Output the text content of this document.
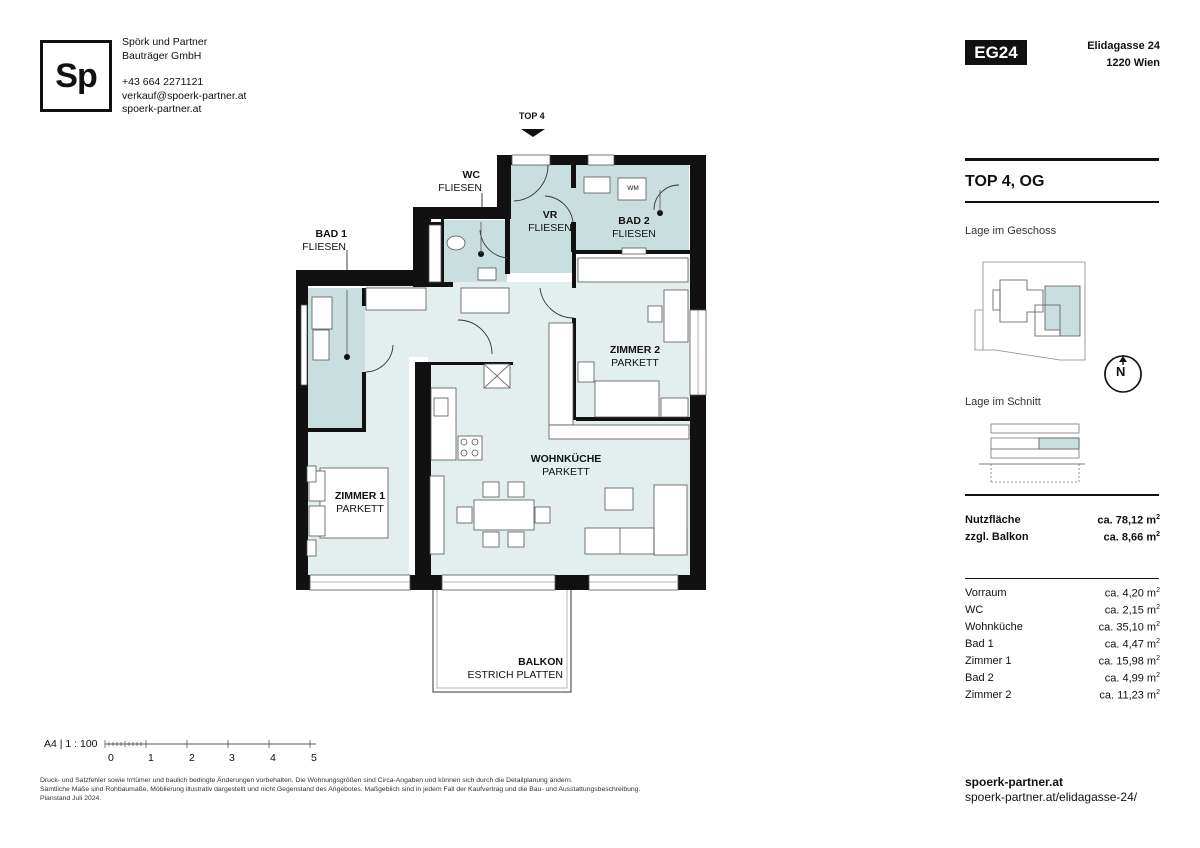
Sp
Spörk und Partner
Bauträger GmbH
+43 664 2271121
verkauf@spoerk-partner.at
spoerk-partner.at
EG24	Elidagasse 24
1220 Wien
TOP 4, OG
Lage im Geschoss
N
Lage im Schnitt
Nutzfläche	ca. 78,12 $m^2$
zzgl. Balkon	ca. 8,66 $m^2$
Vorraum	ca. 4,20 $m^2$
WC	ca. 2,15 $m^2$
Wohnküche	ca. 35,10 $m^2$
Bad 1	ca. 4,47 $m^2$
Zimmer 1	ca. 15,98 $m^2$
Bad 2	ca. 4,99 $m^2$
Zimmer 2	ca. 11,23 $m^2$
spoerk-partner.at
spoerk-partner.at/elidagasse-24/
A4 | 1 : 100
0	1	2	3	4	5
Druck- und Satzfehler sowie Irrtümer und baulich bedingte Änderungen vorbehalten. Die Wohnungsgrößen sind Circa-Angaben und können sich durch die Detailplanung ändern.
Sämtliche Maße sind Rohbaumaße. Möblierung illustrativ dargestellt und nicht Gegenstand des Angebotes. Maßgeblich sind in jedem Fall der Kaufvertrag und die Bau- und Ausstattungsbeschreibung.
Planstand Juli 2024.
TOP 4
WC
FLIESEN
BAD 1
FLIESEN
VR
FLIESEN
BAD 2
FLIESEN
WM
ZIMMER 2
PARKETT
WOHNKÜCHE
PARKETT
ZIMMER 1
PARKETT
BALKON
ESTRICH PLATTEN
